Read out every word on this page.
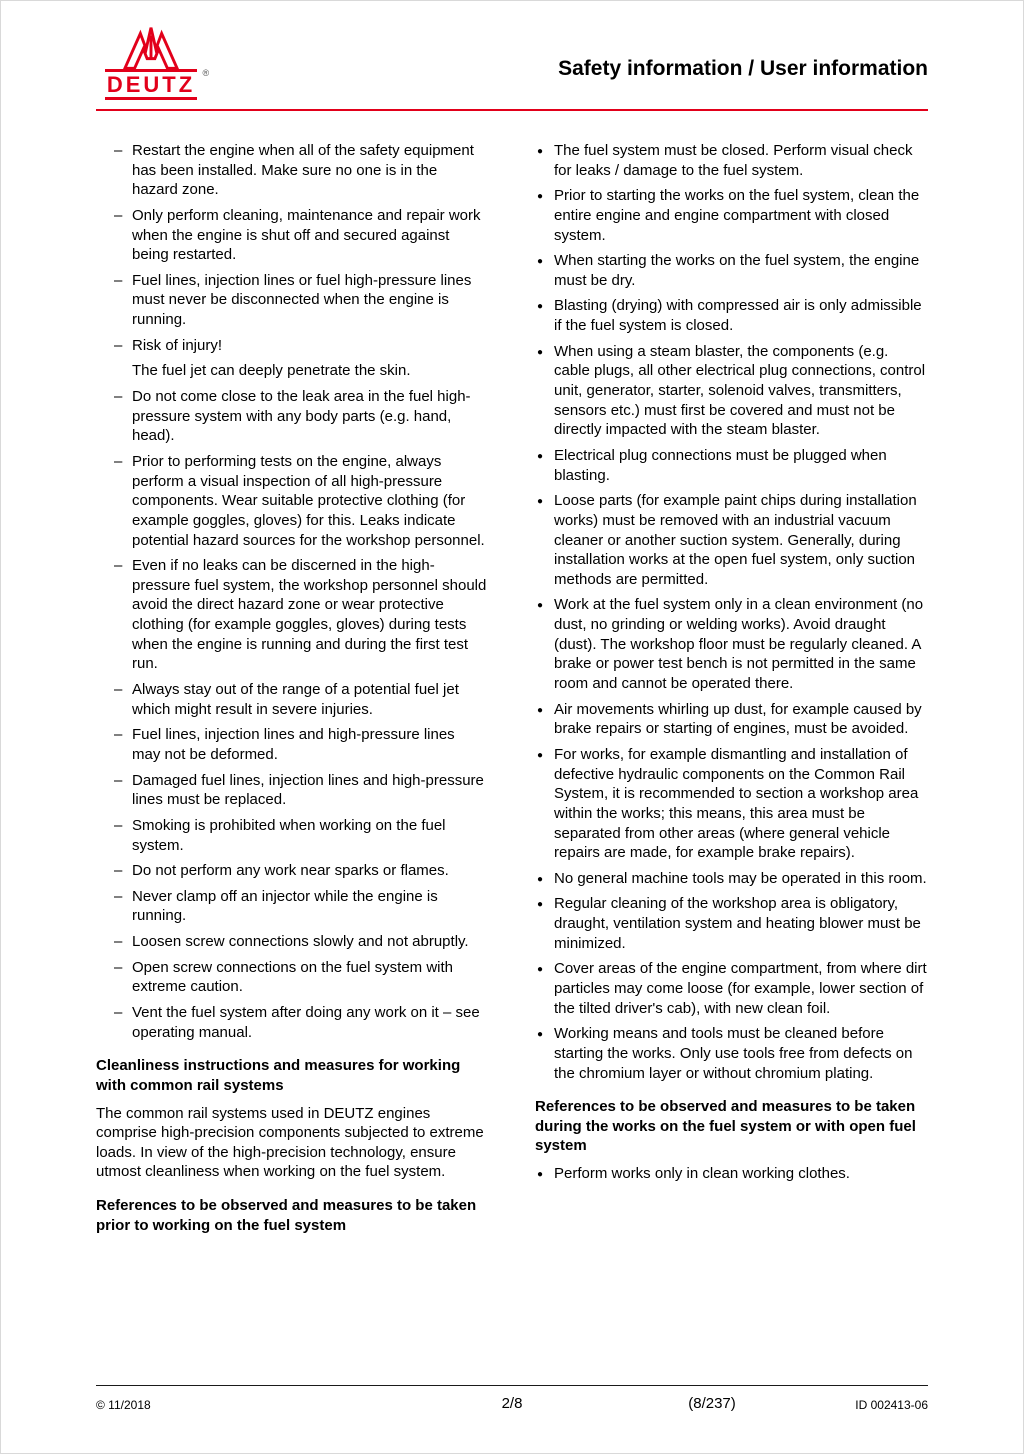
DEUTZ ®	Safety information / User information
– Restart the engine when all of the safety equipment has been installed. Make sure no one is in the hazard zone.
– Only perform cleaning, maintenance and repair work when the engine is shut off and secured against being restarted.
– Fuel lines, injection lines or fuel high-pressure lines must never be disconnected when the engine is running.
– Risk of injury!
The fuel jet can deeply penetrate the skin.
– Do not come close to the leak area in the fuel high-pressure system with any body parts (e.g. hand, head).
– Prior to performing tests on the engine, always perform a visual inspection of all high-pressure components. Wear suitable protective clothing (for example goggles, gloves) for this. Leaks indicate potential hazard sources for the workshop personnel.
– Even if no leaks can be discerned in the high-pressure fuel system, the workshop personnel should avoid the direct hazard zone or wear protective clothing (for example goggles, gloves) during tests when the engine is running and during the first test run.
– Always stay out of the range of a potential fuel jet which might result in severe injuries.
– Fuel lines, injection lines and high-pressure lines may not be deformed.
– Damaged fuel lines, injection lines and high-pressure lines must be replaced.
– Smoking is prohibited when working on the fuel system.
– Do not perform any work near sparks or flames.
– Never clamp off an injector while the engine is running.
– Loosen screw connections slowly and not abruptly.
– Open screw connections on the fuel system with extreme caution.
– Vent the fuel system after doing any work on it – see operating manual.
Cleanliness instructions and measures for working with common rail systems

The common rail systems used in DEUTZ engines comprise high-precision components subjected to extreme loads. In view of the high-precision technology, ensure utmost cleanliness when working on the fuel system.

References to be observed and measures to be taken prior to working on the fuel system
● The fuel system must be closed. Perform visual check for leaks / damage to the fuel system.
● Prior to starting the works on the fuel system, clean the entire engine and engine compartment with closed system.
● When starting the works on the fuel system, the engine must be dry.
● Blasting (drying) with compressed air is only admissible if the fuel system is closed.
● When using a steam blaster, the components (e.g. cable plugs, all other electrical plug connections, control unit, generator, starter, solenoid valves, transmitters, sensors etc.) must first be covered and must not be directly impacted with the steam blaster.
● Electrical plug connections must be plugged when blasting.
● Loose parts (for example paint chips during installation works) must be removed with an industrial vacuum cleaner or another suction system. Generally, during installation works at the open fuel system, only suction methods are permitted.
● Work at the fuel system only in a clean environment (no dust, no grinding or welding works). Avoid draught (dust). The workshop floor must be regularly cleaned. A brake or power test bench is not permitted in the same room and cannot be operated there.
● Air movements whirling up dust, for example caused by brake repairs or starting of engines, must be avoided.
● For works, for example dismantling and installation of defective hydraulic components on the Common Rail System, it is recommended to section a workshop area within the works; this means, this area must be separated from other areas (where general vehicle repairs are made, for example brake repairs).
● No general machine tools may be operated in this room.
● Regular cleaning of the workshop area is obligatory, draught, ventilation system and heating blower must be minimized.
● Cover areas of the engine compartment, from where dirt particles may come loose (for example, lower section of the tilted driver's cab), with new clean foil.
● Working means and tools must be cleaned before starting the works. Only use tools free from defects on the chromium layer or without chromium plating.
References to be observed and measures to be taken during the works on the fuel system or with open fuel system
● Perform works only in clean working clothes.
© 11/2018	2/8	(8/237)	ID 002413-06
